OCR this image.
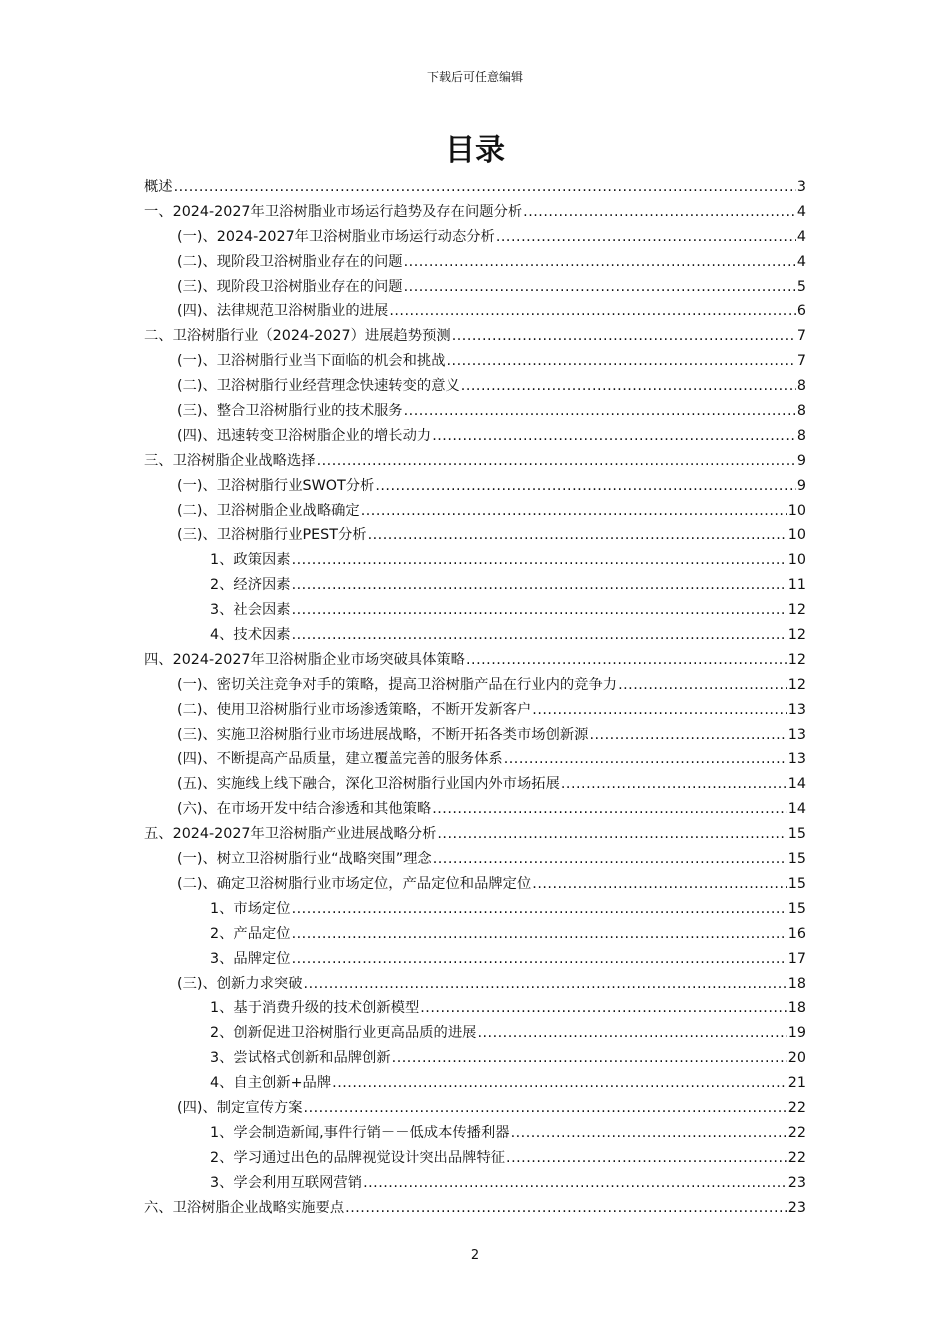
下载后可任意编辑
目录
概述 .....	3
一、2024-2027年卫浴树脂业市场运行趋势及存在问题分析 .....	4
(一)、2024-2027年卫浴树脂业市场运行动态分析 .....	4
(二)、现阶段卫浴树脂业存在的问题 .....	4
(三)、现阶段卫浴树脂业存在的问题 .....	5
(四)、法律规范卫浴树脂业的进展 .....	6
二、卫浴树脂行业（2024-2027）进展趋势预测 .....	7
(一)、卫浴树脂行业当下面临的机会和挑战 .....	7
(二)、卫浴树脂行业经营理念快速转变的意义 .....	8
(三)、整合卫浴树脂行业的技术服务 .....	8
(四)、迅速转变卫浴树脂企业的增长动力 .....	8
三、卫浴树脂企业战略选择 .....	9
(一)、卫浴树脂行业SWOT分析 .....	9
(二)、卫浴树脂企业战略确定 .....	10
(三)、卫浴树脂行业PEST分析 .....	10
1、政策因素 .....	10
2、经济因素 .....	11
3、社会因素 .....	12
4、技术因素 .....	12
四、2024-2027年卫浴树脂企业市场突破具体策略 .....	12
(一)、密切关注竞争对手的策略，提高卫浴树脂产品在行业内的竞争力 .....	12
(二)、使用卫浴树脂行业市场渗透策略，不断开发新客户 .....	13
(三)、实施卫浴树脂行业市场进展战略，不断开拓各类市场创新源 .....	13
(四)、不断提高产品质量，建立覆盖完善的服务体系 .....	13
(五)、实施线上线下融合，深化卫浴树脂行业国内外市场拓展 .....	14
(六)、在市场开发中结合渗透和其他策略 .....	14
五、2024-2027年卫浴树脂产业进展战略分析 .....	15
(一)、树立卫浴树脂行业“战略突围”理念 .....	15
(二)、确定卫浴树脂行业市场定位，产品定位和品牌定位 .....	15
1、市场定位 .....	15
2、产品定位 .....	16
3、品牌定位 .....	17
(三)、创新力求突破 .....	18
1、基于消费升级的技术创新模型 .....	18
2、创新促进卫浴树脂行业更高品质的进展 .....	19
3、尝试格式创新和品牌创新 .....	20
4、自主创新+品牌 .....	21
(四)、制定宣传方案 .....	22
1、学会制造新闻,事件行销－－低成本传播利器 .....	22
2、学习通过出色的品牌视觉设计突出品牌特征 .....	22
3、学会利用互联网营销 .....	23
六、卫浴树脂企业战略实施要点 .....	23
2
